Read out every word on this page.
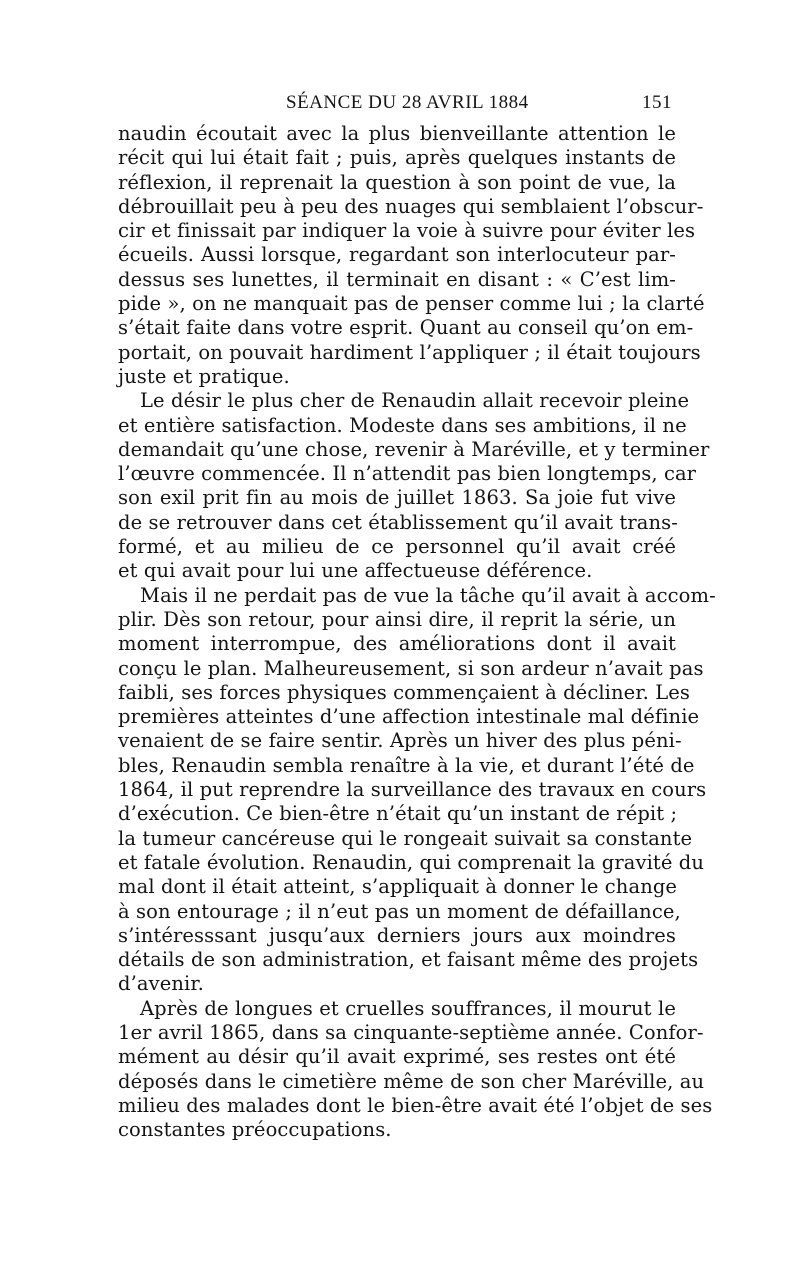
SÉANCE DU 28 AVRIL 1884	151
naudin écoutait avec la plus bienveillante attention le
récit qui lui était fait ; puis, après quelques instants de
réflexion, il reprenait la question à son point de vue, la
débrouillait peu à peu des nuages qui semblaient l’obscur-
cir et finissait par indiquer la voie à suivre pour éviter les
écueils. Aussi lorsque, regardant son interlocuteur par-
dessus ses lunettes, il terminait en disant : « C’est lim-
pide », on ne manquait pas de penser comme lui ; la clarté
s’était faite dans votre esprit. Quant au conseil qu’on em-
portait, on pouvait hardiment l’appliquer ; il était toujours
juste et pratique.
Le désir le plus cher de Renaudin allait recevoir pleine
et entière satisfaction. Modeste dans ses ambitions, il ne
demandait qu’une chose, revenir à Maréville, et y terminer
l’œuvre commencée. Il n’attendit pas bien longtemps, car
son exil prit fin au mois de juillet 1863. Sa joie fut vive
de se retrouver dans cet établissement qu’il avait trans-
formé, et au milieu de ce personnel qu’il avait créé
et qui avait pour lui une affectueuse déférence.
Mais il ne perdait pas de vue la tâche qu’il avait à accom-
plir. Dès son retour, pour ainsi dire, il reprit la série, un
moment interrompue, des améliorations dont il avait
conçu le plan. Malheureusement, si son ardeur n’avait pas
faibli, ses forces physiques commençaient à décliner. Les
premières atteintes d’une affection intestinale mal définie
venaient de se faire sentir. Après un hiver des plus péni-
bles, Renaudin sembla renaître à la vie, et durant l’été de
1864, il put reprendre la surveillance des travaux en cours
d’exécution. Ce bien-être n’était qu’un instant de répit ;
la tumeur cancéreuse qui le rongeait suivait sa constante
et fatale évolution. Renaudin, qui comprenait la gravité du
mal dont il était atteint, s’appliquait à donner le change
à son entourage ; il n’eut pas un moment de défaillance,
s’intéresssant jusqu’aux derniers jours aux moindres
détails de son administration, et faisant même des projets
d’avenir.
Après de longues et cruelles souffrances, il mourut le
1er avril 1865, dans sa cinquante-septième année. Confor-
mément au désir qu’il avait exprimé, ses restes ont été
déposés dans le cimetière même de son cher Maréville, au
milieu des malades dont le bien-être avait été l’objet de ses
constantes préoccupations.
